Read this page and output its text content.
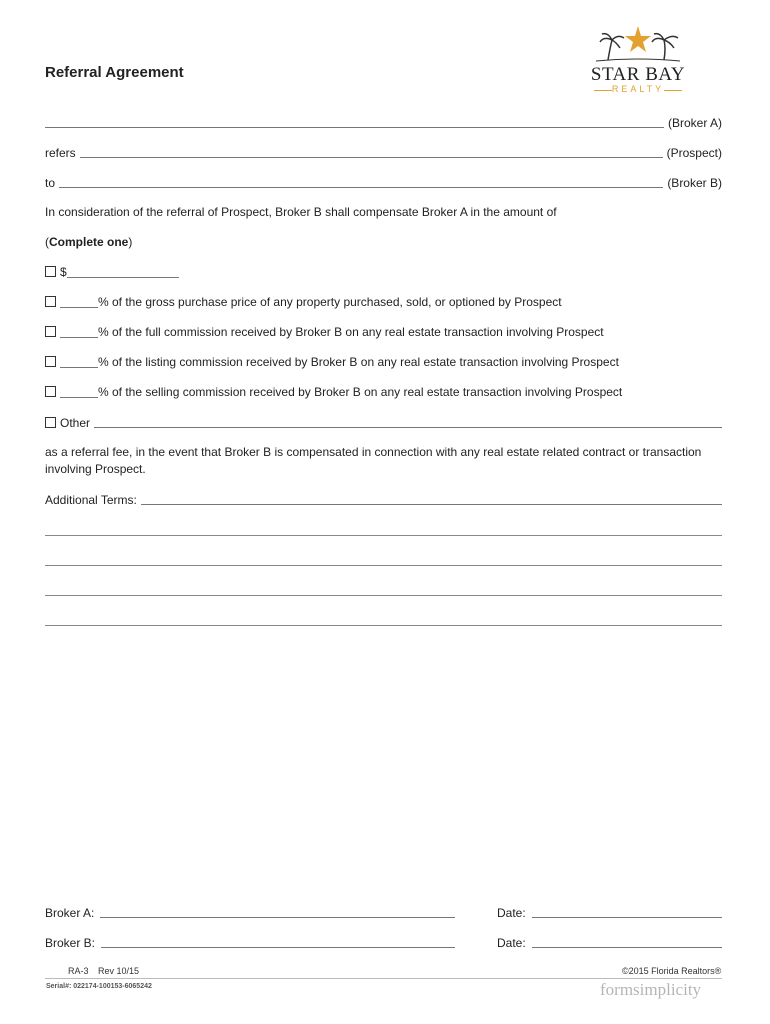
Referral Agreement	STAR BAY
REALTY
(Broker A)
refers	(Prospect)
to	(Broker B)
In consideration of the referral of Prospect, Broker B shall compensate Broker A in the amount of
(Complete one)
$
% of the gross purchase price of any property purchased, sold, or optioned by Prospect
% of the full commission received by Broker B on any real estate transaction involving Prospect
% of the listing commission received by Broker B on any real estate transaction involving Prospect
% of the selling commission received by Broker B on any real estate transaction involving Prospect
Other
as a referral fee, in the event that Broker B is compensated in connection with any real estate related contract or transaction involving Prospect.
Additional Terms:
Broker A:	Date:
Broker B:	Date:
RA-3 Rev 10/15	©2015 Florida Realtors®
Serial#: 022174-100153-6065242	formsimplicity
